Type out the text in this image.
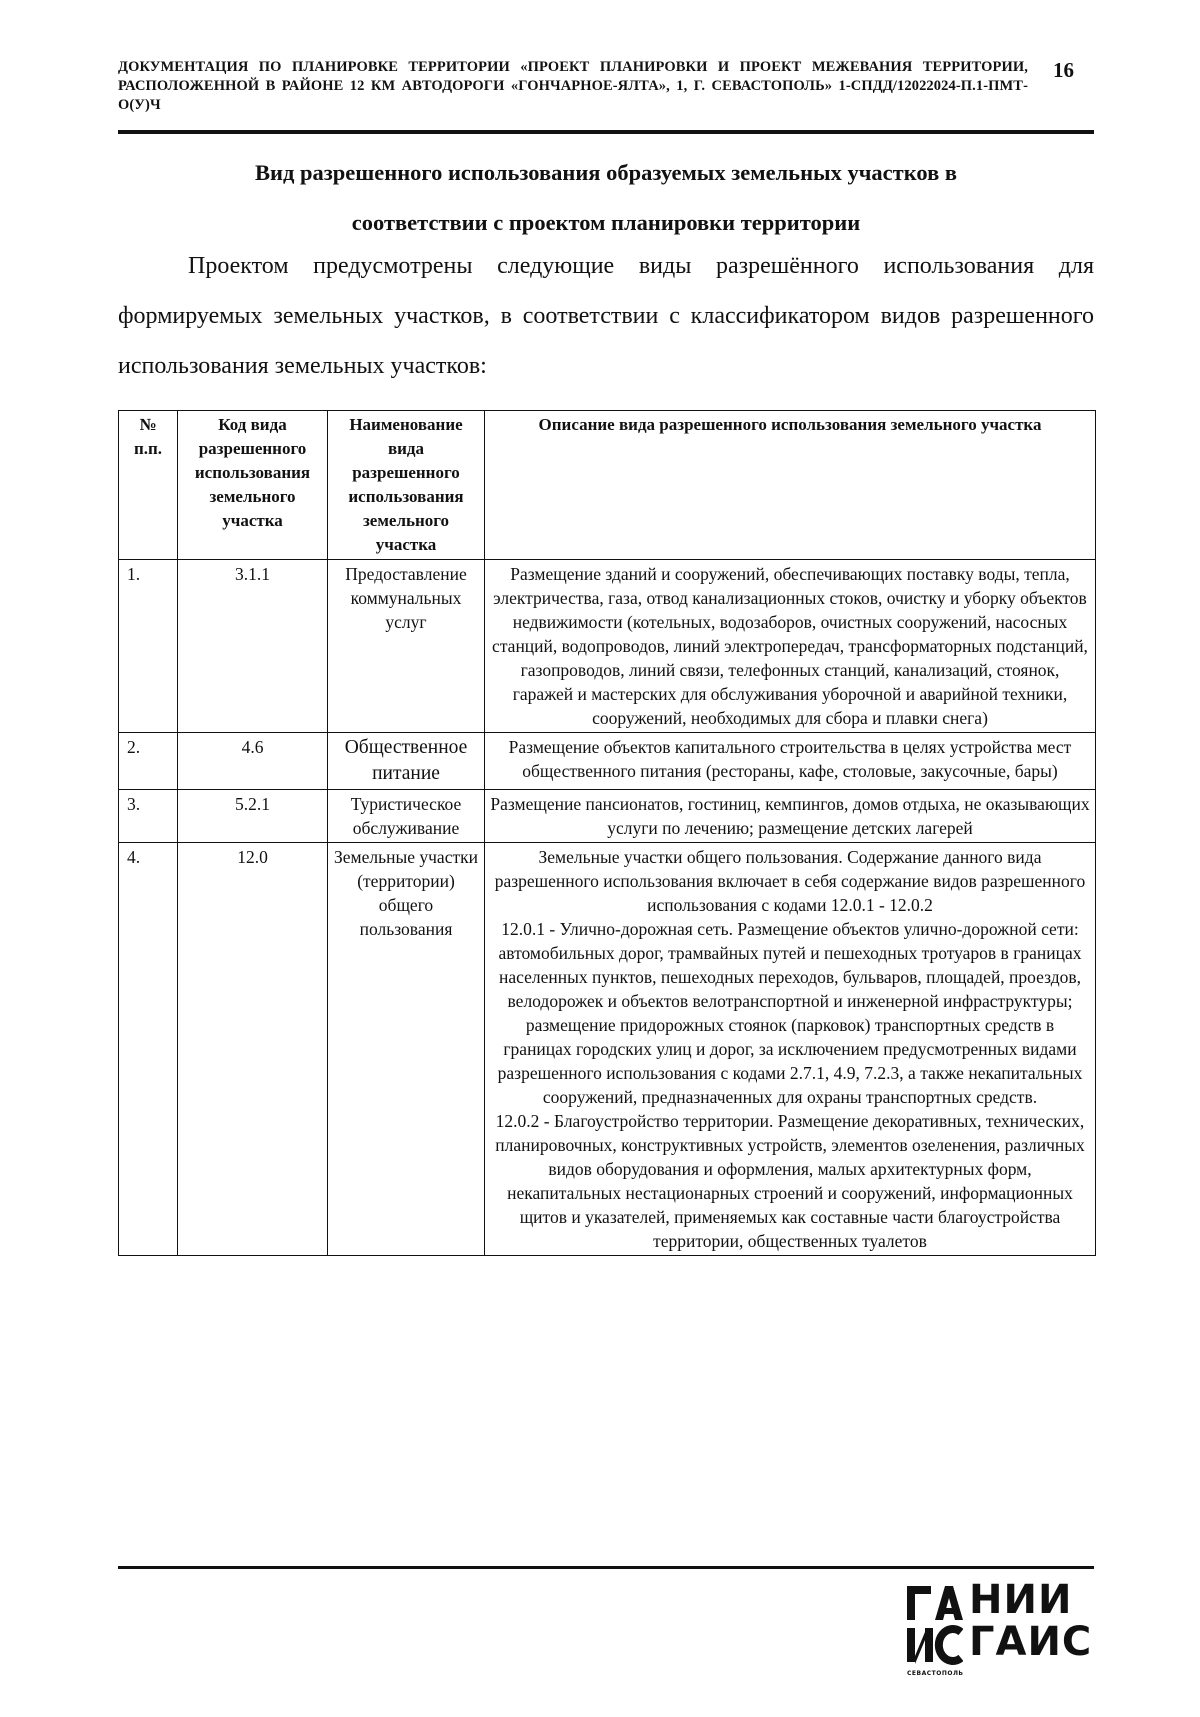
ДОКУМЕНТАЦИЯ ПО ПЛАНИРОВКЕ ТЕРРИТОРИИ «ПРОЕКТ ПЛАНИРОВКИ И ПРОЕКТ МЕЖЕВАНИЯ ТЕРРИТОРИИ, РАСПОЛОЖЕННОЙ В РАЙОНЕ 12 КМ АВТОДОРОГИ «ГОНЧАРНОЕ-ЯЛТА», 1, Г. СЕВАСТОПОЛЬ» 1-СПДД/12022024-П.1-ПМТ-О(У)Ч
16
Вид разрешенного использования образуемых земельных участков в
соответствии с проектом планировки территории
Проектом предусмотрены следующие виды разрешённого использования для формируемых земельных участков, в соответствии с классификатором видов разрешенного использования земельных участков:
№ п.п.	Код вида разрешенного использования земельного участка	Наименование вида разрешенного использования земельного участка	Описание вида разрешенного использования земельного участка
1.	3.1.1	Предоставление коммунальных услуг	Размещение зданий и сооружений, обеспечивающих поставку воды, тепла, электричества, газа, отвод канализационных стоков, очистку и уборку объектов недвижимости (котельных, водозаборов, очистных сооружений, насосных станций, водопроводов, линий электропередач, трансформаторных подстанций, газопроводов, линий связи, телефонных станций, канализаций, стоянок, гаражей и мастерских для обслуживания уборочной и аварийной техники, сооружений, необходимых для сбора и плавки снега)
2.	4.6	Общественное питание	Размещение объектов капитального строительства в целях устройства мест общественного питания (рестораны, кафе, столовые, закусочные, бары)
3.	5.2.1	Туристическое обслуживание	Размещение пансионатов, гостиниц, кемпингов, домов отдыха, не оказывающих услуги по лечению; размещение детских лагерей
4.	12.0	Земельные участки (территории) общего пользования	Земельные участки общего пользования. Содержание данного вида разрешенного использования включает в себя содержание видов разрешенного использования с кодами 12.0.1 - 12.0.2
12.0.1 - Улично-дорожная сеть. Размещение объектов улично-дорожной сети: автомобильных дорог, трамвайных путей и пешеходных тротуаров в границах населенных пунктов, пешеходных переходов, бульваров, площадей, проездов, велодорожек и объектов велотранспортной и инженерной инфраструктуры; размещение придорожных стоянок (парковок) транспортных средств в границах городских улиц и дорог, за исключением предусмотренных видами разрешенного использования с кодами 2.7.1, 4.9, 7.2.3, а также некапитальных сооружений, предназначенных для охраны транспортных средств.
12.0.2 - Благоустройство территории. Размещение декоративных, технических, планировочных, конструктивных устройств, элементов озеленения, различных видов оборудования и оформления, малых архитектурных форм, некапитальных нестационарных строений и сооружений, информационных щитов и указателей, применяемых как составные части благоустройства территории, общественных туалетов
НИИ
ГАИС
СЕВАСТОПОЛЬ
